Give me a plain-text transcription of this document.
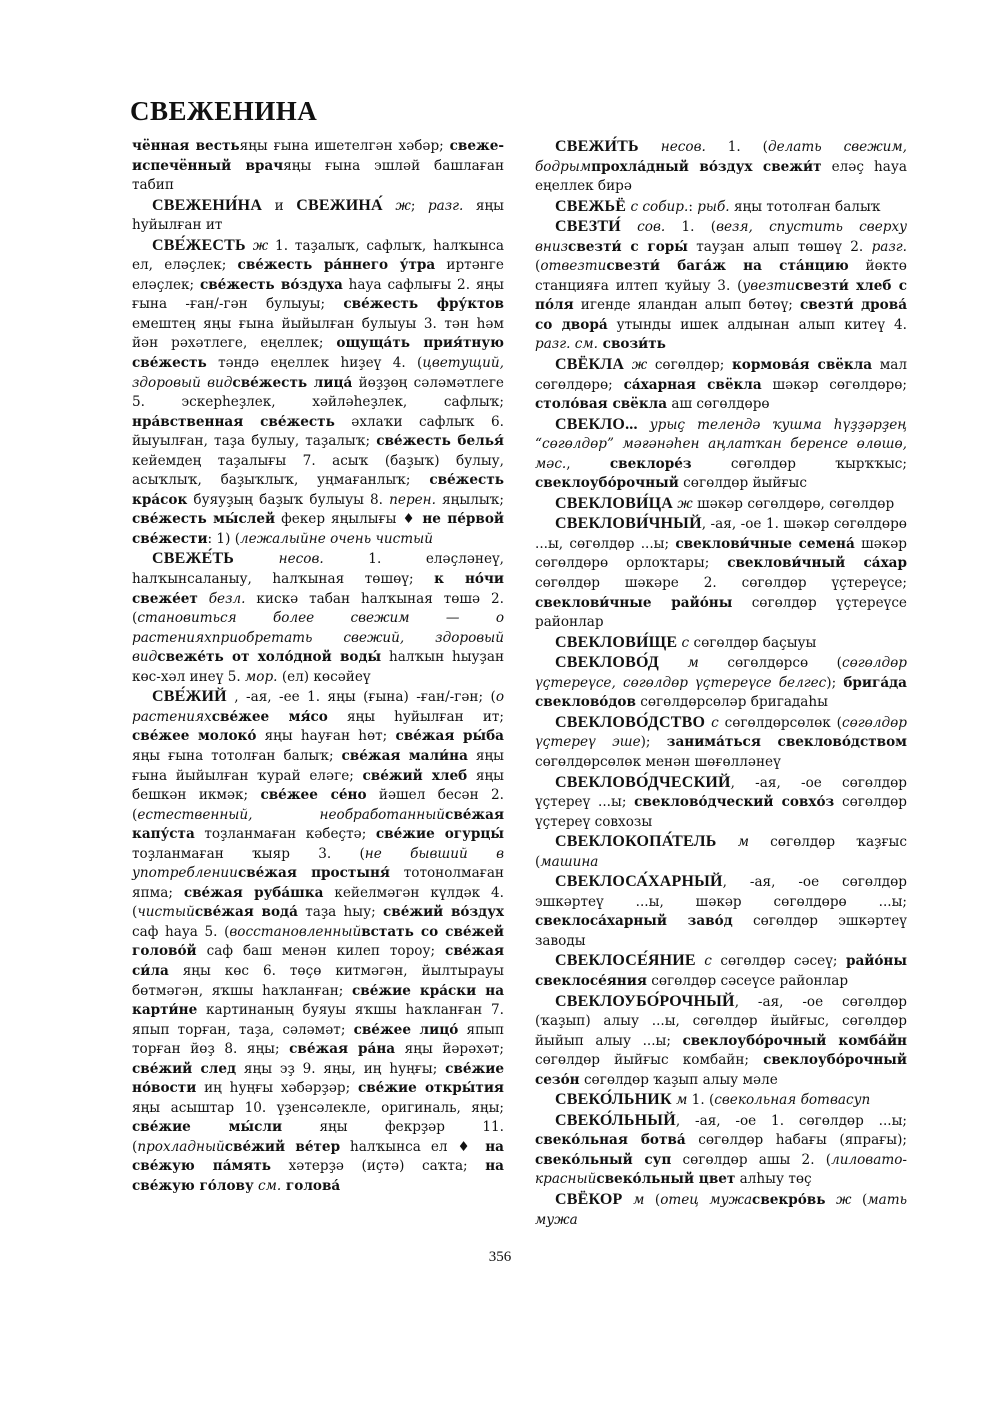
СВЕЖЕНИНА

чённая вестьяңы ғына ишетелгән хәбәр; свежеиспечённый врачяңы ғына эшләй башлаған табип

СВЕЖЕНИ́НА и СВЕЖИНА́ ж; разг. яңы һуйылған ит

СВЕ́ЖЕСТЬ ж 1. таҙалыҡ, сафлыҡ, һалҡынса ел, еләҫлек; све́жесть ра́ннего у́тра иртәнге еләҫлек; све́жесть во́здуха һауа сафлығы 2. яңы ғына -ған/-гән булыуы; све́жесть фру́ктов емештең яңы ғына йыйылған булыуы 3. тән һәм йән рәхәтлеге, еңеллек; ощуща́ть прия́тную све́жесть тәндә еңеллек һиҙеү 4. (цветущий, здоровый видсве́жесть лица́ йөҙҙөң сәләмәтлеге 5. эскерһеҙлек, хәйләһеҙлек, сафлыҡ; нра́вственная све́жесть әхлаҡи сафлыҡ 6. йыуылған, таҙа булыу, таҙалыҡ; све́жесть белья́ кейемдең таҙалығы 7. асыҡ (баҙыҡ) булыу, асыҡлыҡ, баҙыҡлыҡ, уңмағанлыҡ; све́жесть кра́сок буяуҙың баҙыҡ булыуы 8. перен. яңылыҡ; све́жесть мы́слей фекер яңылығы ♦ не пе́рвой све́жести: 1) (лежалыйне очень чистый

СВЕЖЕ́ТЬ несов. 1. еләҫләнеү, һалҡынсаланыу, һалҡыная төшөү; к но́чи свеже́ет безл. кискә табан һалҡыная төшә 2. (становиться более свежим — о растенияхприобретать свежий, здоровый видсвеже́ть от холо́дной воды́ һалҡын һыуҙан көс-хәл инеү 5. мор. (ел) көсәйеү

СВЕ́ЖИЙ , -ая, -ее 1. яңы (ғына) -ған/-гән; (о растенияхсве́жее мя́со яңы һуйылған ит; све́жее молоко́ яңы һауған һөт; све́жая ры́ба яңы ғына тотолған балыҡ; све́жая мали́на яңы ғына йыйылған ҡурай еләге; све́жий хлеб яңы бешкән икмәк; све́жее се́но йәшел бесән 2. (естественный, необработанныйсве́жая капу́ста тоҙланмаған кәбеҫтә; све́жие огурцы́ тоҙланмаған ҡыяр 3. (не бывший в употреблениисве́жая простыня́ тотонолмаған япма; све́жая руба́шка кейелмәгән күлдәк 4. (чистыйсве́жая вода́ таҙа һыу; све́жий во́здух саф һауа 5. (восстановленныйвстать со све́жей голово́й саф баш менән килеп тороу; све́жая си́ла яңы көс 6. төҫө китмәгән, йылтырауы бөтмәгән, яҡшы һаҡланған; све́жие кра́ски на карти́не картинаның буяуы яҡшы һаҡланған 7. япып торған, таҙа, сәләмәт; све́жее лицо́ япып торған йөҙ 8. яңы; све́жая ра́на яңы йәрәхәт; све́жий след яңы эҙ 9. яңы, иң һуңғы; све́жие но́вости иң һуңғы хәбәрҙәр; све́жие откры́тия яңы асыштар 10. үҙенсәлекле, оригиналь, яңы; све́жие мы́сли яңы фекрҙәр 11. (прохладныйсве́жий ве́тер һалҡынса ел ♦ на све́жую па́мять хәтерҙә (иҫтә) саҡта; на све́жую го́лову см. голова́

СВЕЖИ́ТЬ несов. 1. (делать свежим, бодрымпрохла́дный во́здух свежи́т еләҫ һауа еңеллек бирә

СВЕЖЬЁ с собир.: рыб. яңы тотолған балыҡ

СВЕЗТИ́ сов. 1. (везя, спустить сверху внизсвезти́ с горы́ тауҙан алып төшөү 2. разг. (отвезтисвезти́ бага́ж на ста́нцию йөктө станцияға илтеп ҡуйыу 3. (увезтисвезти́ хлеб с по́ля игенде яландан алып бөтөү; свезти́ дрова́ со двора́ утынды ишек алдынан алып китеү 4. разг. см. свози́ть

СВЁКЛА ж сөгөлдөр; кормова́я свёкла мал сөгөлдөрө; са́харная свёкла шәкәр сөгөлдөрө; столо́вая свёкла аш сөгөлдөрө

СВЕКЛО... урыҫ телендә ҡушма һүҙҙәрҙең “сөгөлдөр” мәғәнәһен аңлатҡан беренсе өлөшө, мәс., свеклоре́з сөгөлдөр ҡырҡҡыс; свеклоубо́рочный сөгөлдөр йыйғыс

СВЕКЛОВИ́ЦА ж шәкәр сөгөлдөрө, сөгөлдөр

СВЕКЛОВИ́ЧНЫЙ, -ая, -ое 1. шәкәр сөгөлдөрө ...ы, сөгөлдөр ...ы; свеклови́чные семена́ шәкәр сөгөлдөрө орлоҡтары; свеклови́чный са́хар сөгөлдөр шәкәре 2. сөгөлдөр үҫтереүсе; свеклови́чные райо́ны сөгөлдөр үҫтереүсе районлар

СВЕКЛОВИ́ЩЕ с сөгөлдөр баҫыуы

СВЕКЛОВО́Д м сөгөлдөрсө (сөгөлдөр үҫтереүсе, сөгөлдөр үҫтереүсе белгес); брига́да свеклово́дов сөгөлдөрсөләр бригадаһы

СВЕКЛОВО́ДСТВО с сөгөлдөрсөлөк (сөгөлдөр үҫтереү эше); занима́ться свеклово́дством сөгөлдөрсөлөк менән шөғөлләнеү

СВЕКЛОВО́ДЧЕСКИЙ, -ая, -ое сөгөлдөр үҫтереү ...ы; свеклово́дческий совхо́з сөгөлдөр үҫтереү совхозы

СВЕКЛОКОПА́ТЕЛЬ м сөгөлдөр ҡаҙғыс (машина

СВЕКЛОСА́ХАРНЫЙ, -ая, -ое сөгөлдөр эшкәртеү ...ы, шәкәр сөгөлдөрө ...ы; свеклоса́харный заво́д сөгөлдөр эшкәртеү заводы

СВЕКЛОСЕ́ЯНИЕ с сөгөлдөр сәсеү; райо́ны свеклосе́яния сөгөлдөр сәсеүсе районлар

СВЕКЛОУБО́РОЧНЫЙ, -ая, -ое сөгөлдөр (ҡаҙып) алыу ...ы, сөгөлдөр йыйғыс, сөгөлдөр йыйып алыу ...ы; свеклоубо́рочный комба́йн сөгөлдөр йыйғыс комбайн; свеклоубо́рочный сезо́н сөгөлдөр ҡаҙып алыу мәле

СВЕКО́ЛЬНИК м 1. (свекольная ботвасуп

СВЕКО́ЛЬНЫЙ, -ая, -ое 1. сөгөлдөр ...ы; свеко́льная ботва́ сөгөлдөр һабағы (япрағы); свеко́льный суп сөгөлдөр ашы 2. (лиловато-красныйсвеко́льный цвет алһыу төҫ

СВЁКОР м (отец мужасвекро́вь ж (мать мужа

356
